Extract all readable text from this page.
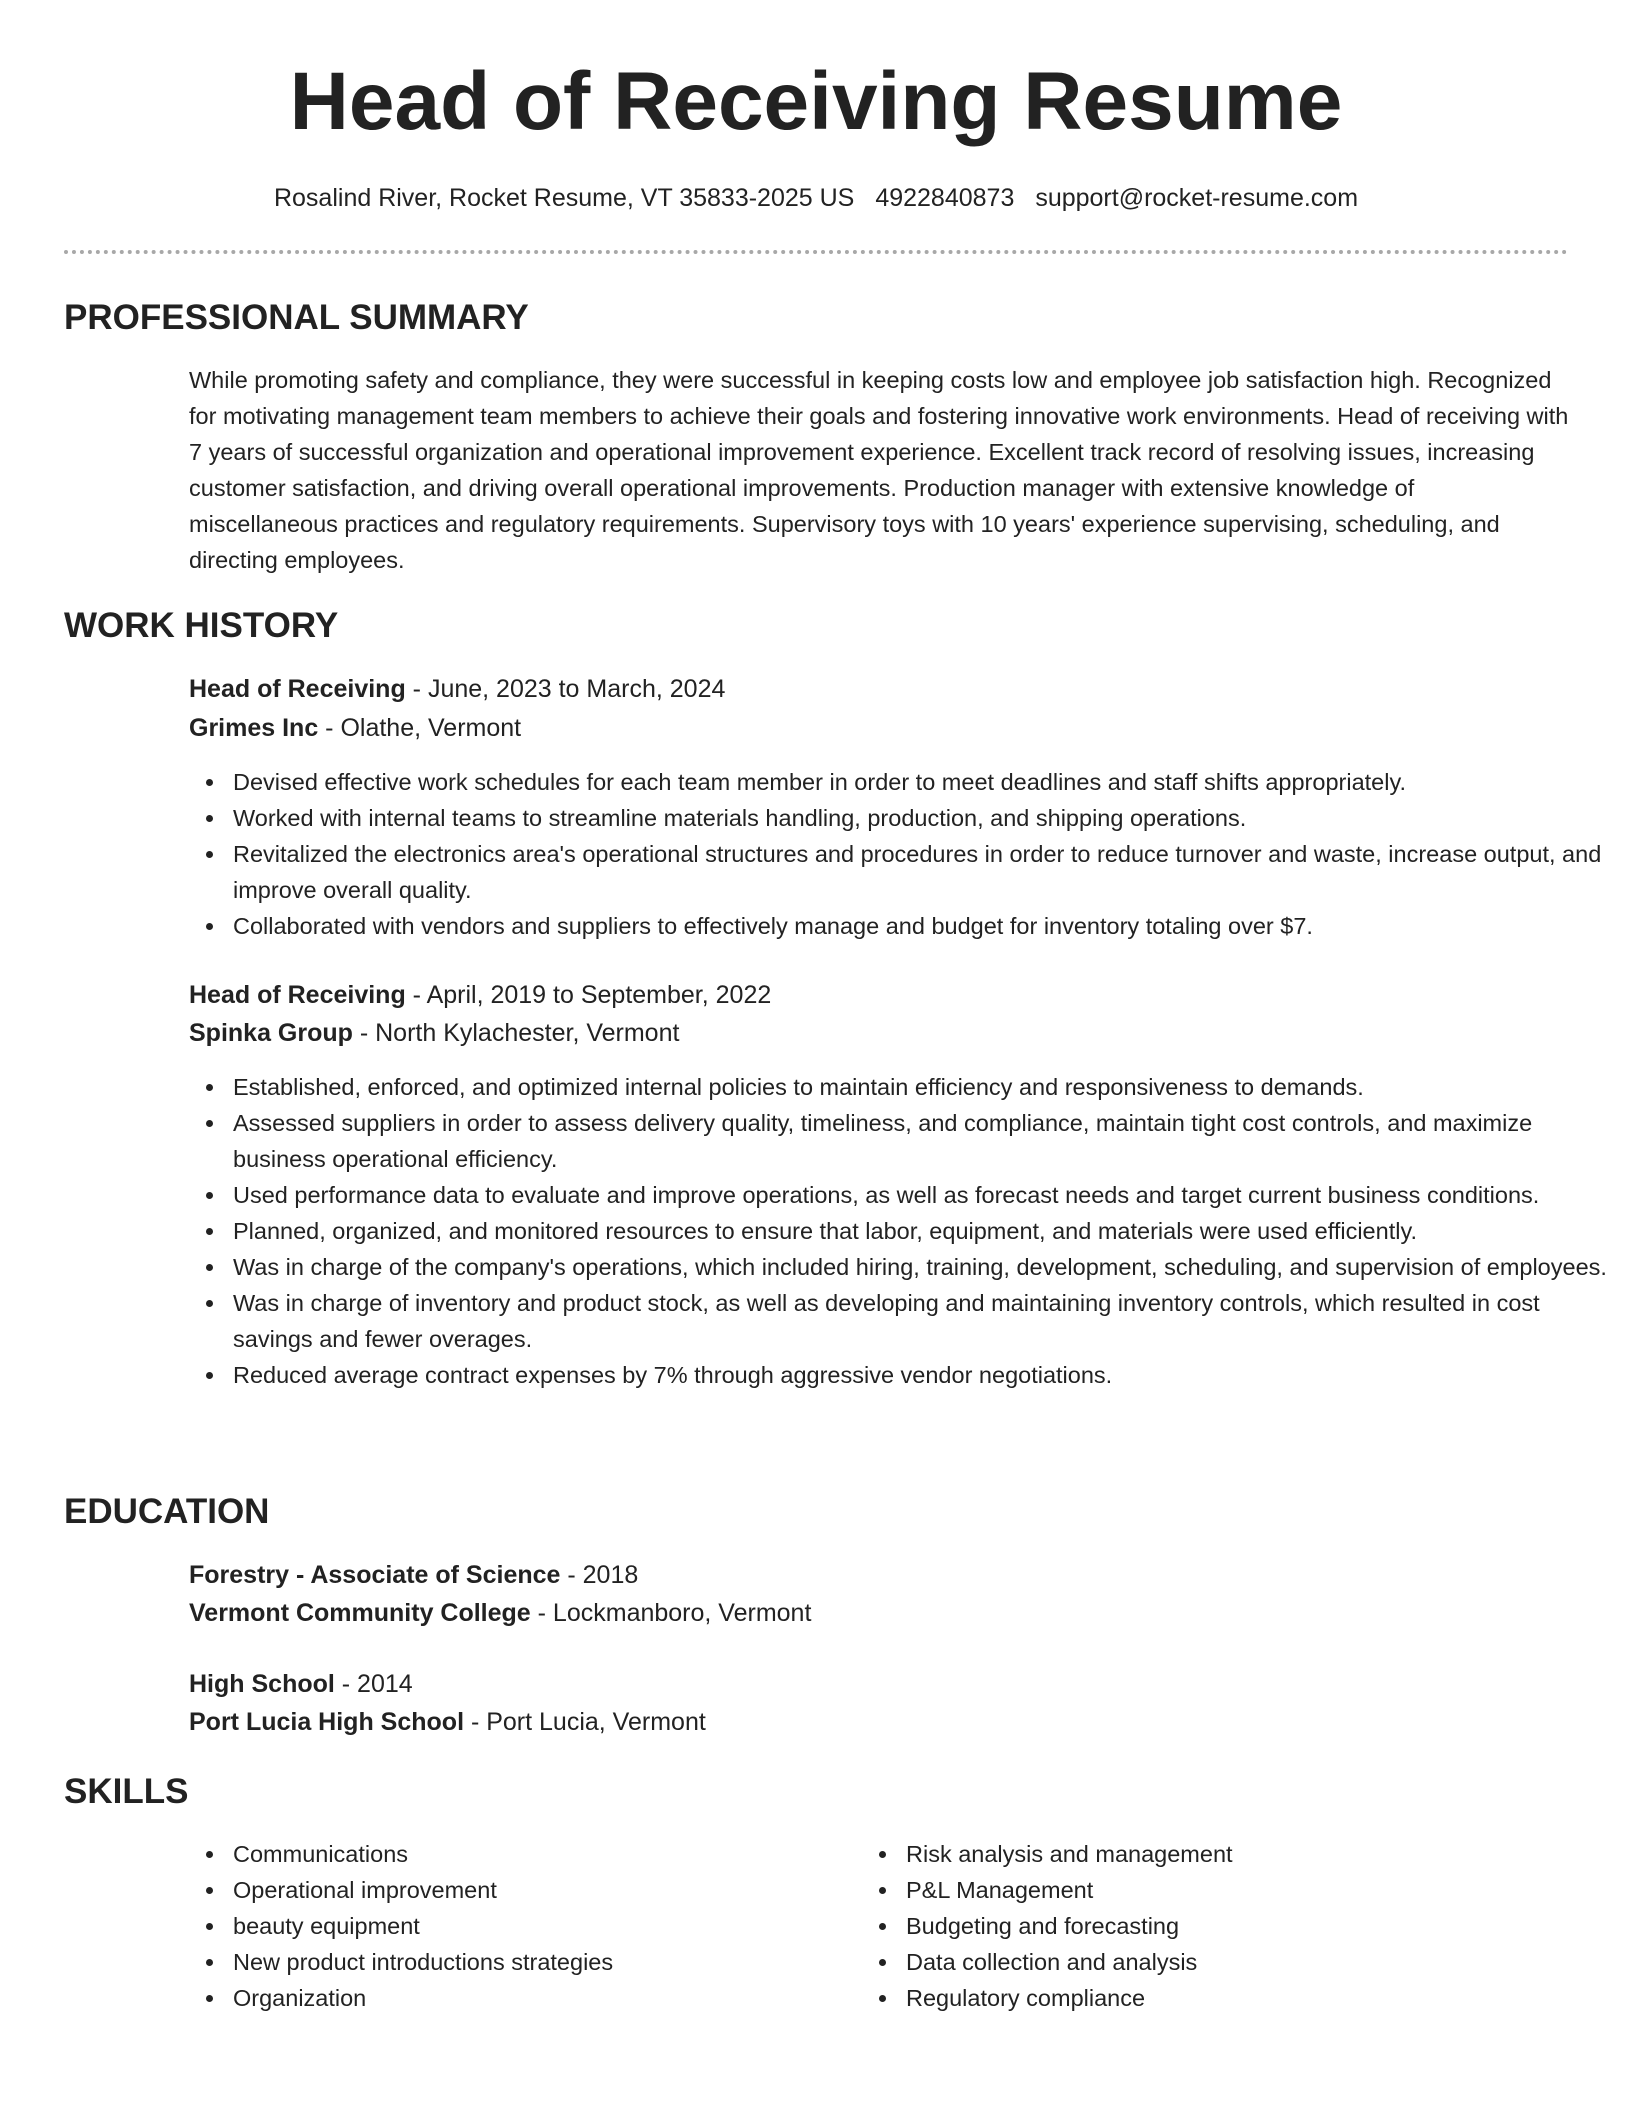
Head of Receiving Resume
Rosalind River, Rocket Resume, VT 35833-2025 US 4922840873 support@rocket-resume.com
PROFESSIONAL SUMMARY
While promoting safety and compliance, they were successful in keeping costs low and employee job satisfaction high. Recognized for motivating management team members to achieve their goals and fostering innovative work environments. Head of receiving with 7 years of successful organization and operational improvement experience. Excellent track record of resolving issues, increasing customer satisfaction, and driving overall operational improvements. Production manager with extensive knowledge of miscellaneous practices and regulatory requirements. Supervisory toys with 10 years' experience supervising, scheduling, and directing employees.
WORK HISTORY
Head of Receiving - June, 2023 to March, 2024
Grimes Inc - Olathe, Vermont
Devised effective work schedules for each team member in order to meet deadlines and staff shifts appropriately.
Worked with internal teams to streamline materials handling, production, and shipping operations.
Revitalized the electronics area's operational structures and procedures in order to reduce turnover and waste, increase output, and improve overall quality.
Collaborated with vendors and suppliers to effectively manage and budget for inventory totaling over $7.
Head of Receiving - April, 2019 to September, 2022
Spinka Group - North Kylachester, Vermont
Established, enforced, and optimized internal policies to maintain efficiency and responsiveness to demands.
Assessed suppliers in order to assess delivery quality, timeliness, and compliance, maintain tight cost controls, and maximize business operational efficiency.
Used performance data to evaluate and improve operations, as well as forecast needs and target current business conditions.
Planned, organized, and monitored resources to ensure that labor, equipment, and materials were used efficiently.
Was in charge of the company's operations, which included hiring, training, development, scheduling, and supervision of employees.
Was in charge of inventory and product stock, as well as developing and maintaining inventory controls, which resulted in cost savings and fewer overages.
Reduced average contract expenses by 7% through aggressive vendor negotiations.
EDUCATION
Forestry - Associate of Science - 2018
Vermont Community College - Lockmanboro, Vermont
High School - 2014
Port Lucia High School - Port Lucia, Vermont
SKILLS
Communications
Operational improvement
beauty equipment
New product introductions strategies
Organization
Risk analysis and management
P&L Management
Budgeting and forecasting
Data collection and analysis
Regulatory compliance
